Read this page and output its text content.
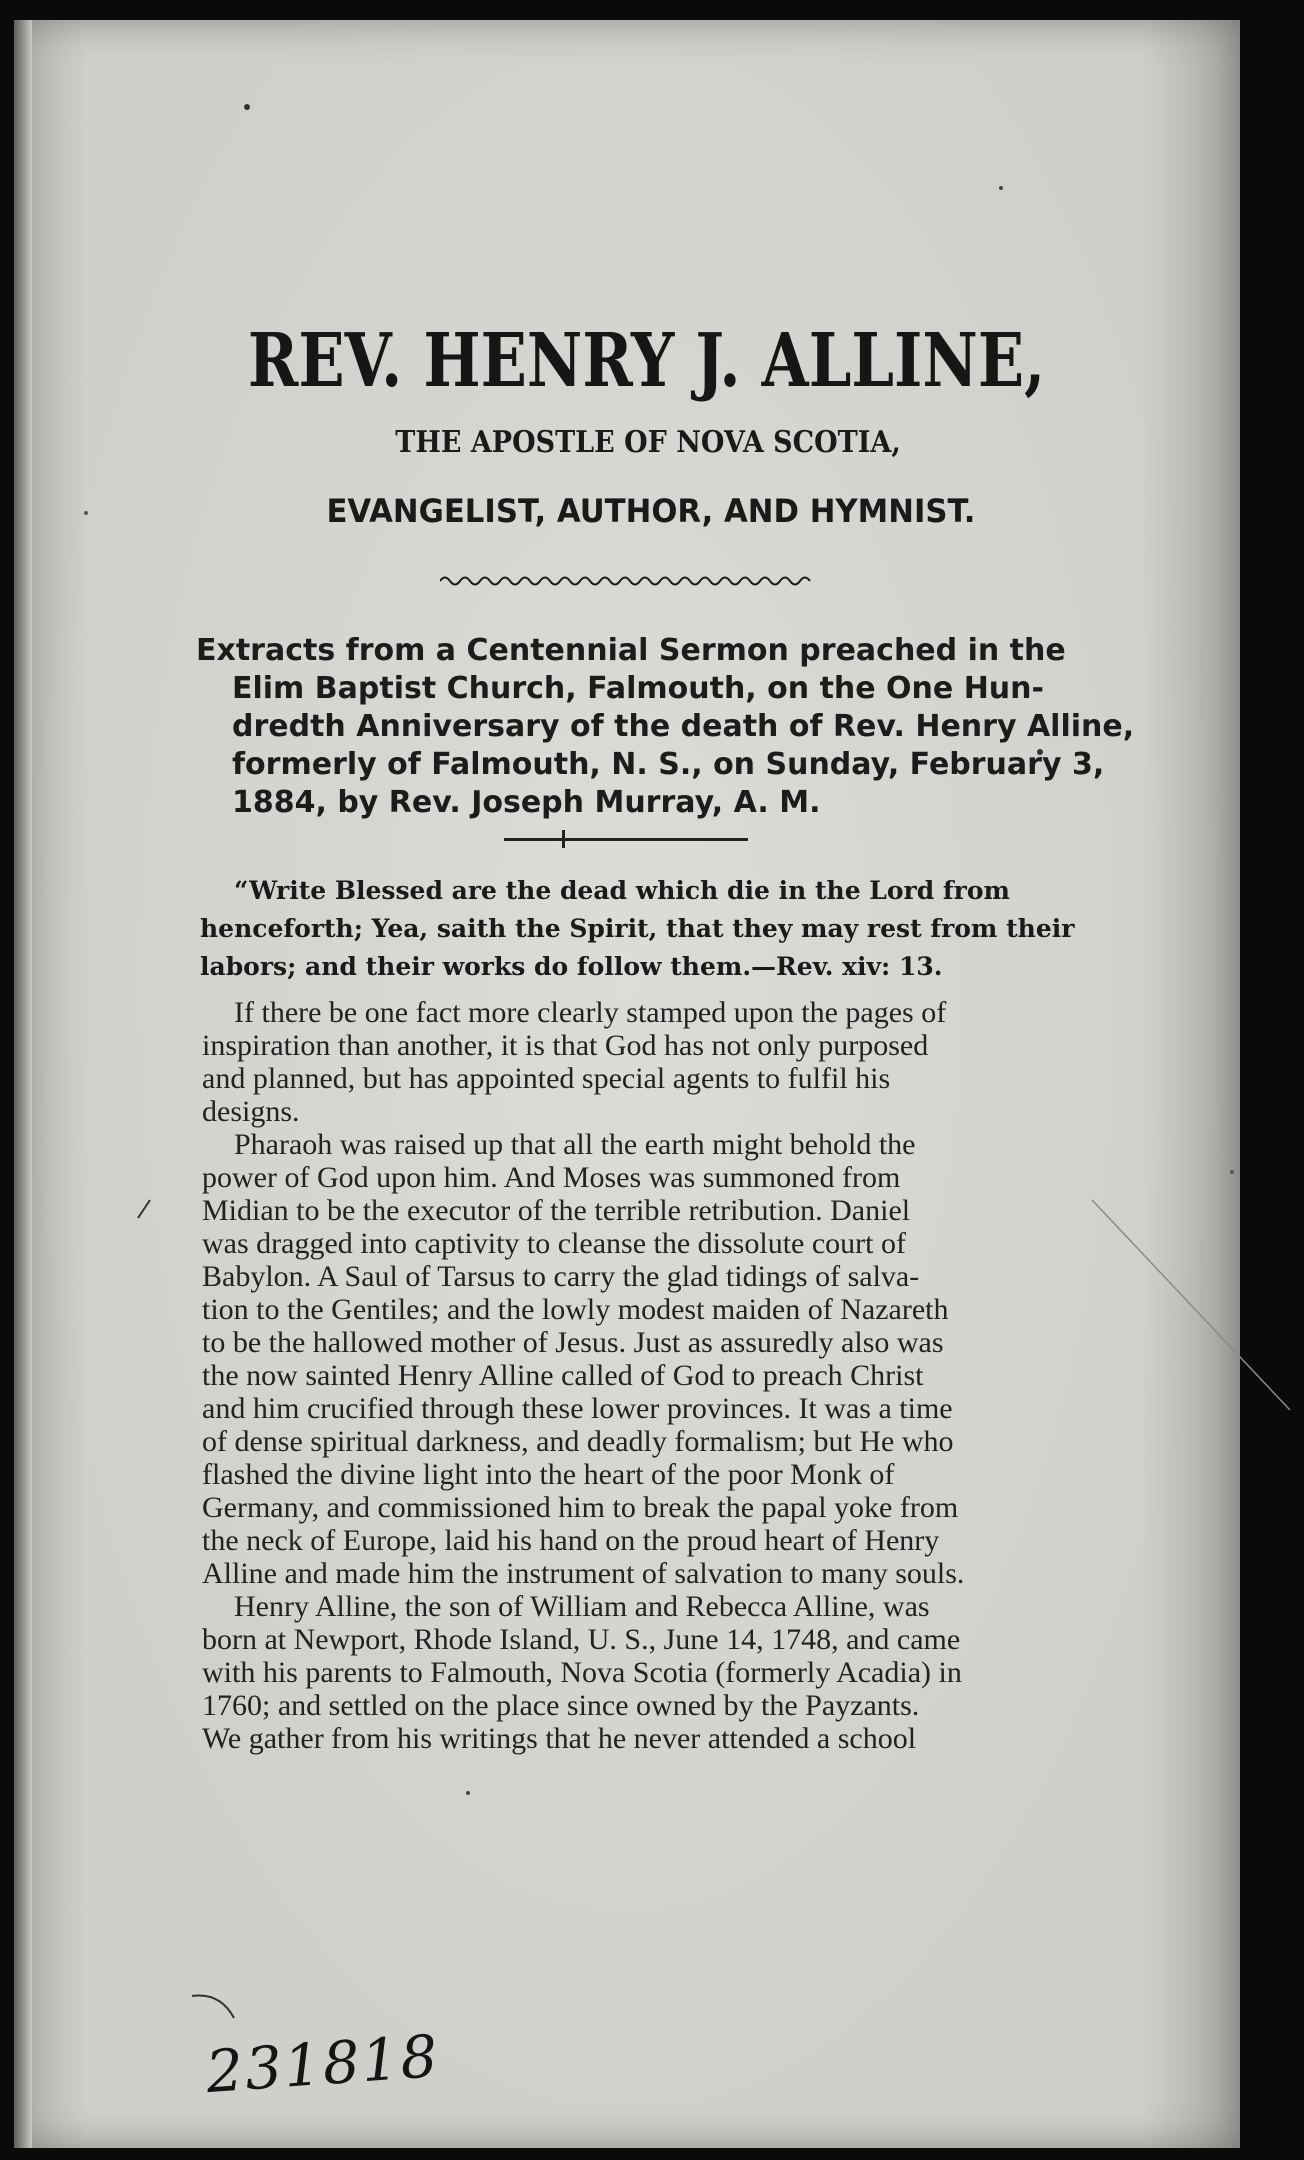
REV. HENRY J. ALLINE,
THE APOSTLE OF NOVA SCOTIA,
EVANGELIST, AUTHOR, AND HYMNIST.
Extracts from a Centennial Sermon preached in the
Elim Baptist Church, Falmouth, on the One Hun-
dredth Anniversary of the death of Rev. Henry Alline,
formerly of Falmouth, N. S., on Sunday, February 3,
1884, by Rev. Joseph Murray, A. M.
“Write Blessed are the dead which die in the Lord from
henceforth; Yea, saith the Spirit, that they may rest from their
labors; and their works do follow them.—Rev. xiv: 13.
If there be one fact more clearly stamped upon the pages of
inspiration than another, it is that God has not only purposed
and planned, but has appointed special agents to fulfil his
designs.
Pharaoh was raised up that all the earth might behold the
power of God upon him. And Moses was summoned from
Midian to be the executor of the terrible retribution. Daniel
was dragged into captivity to cleanse the dissolute court of
Babylon. A Saul of Tarsus to carry the glad tidings of salva-
tion to the Gentiles; and the lowly modest maiden of Nazareth
to be the hallowed mother of Jesus. Just as assuredly also was
the now sainted Henry Alline called of God to preach Christ
and him crucified through these lower provinces. It was a time
of dense spiritual darkness, and deadly formalism; but He who
flashed the divine light into the heart of the poor Monk of
Germany, and commissioned him to break the papal yoke from
the neck of Europe, laid his hand on the proud heart of Henry
Alline and made him the instrument of salvation to many souls.
Henry Alline, the son of William and Rebecca Alline, was
born at Newport, Rhode Island, U. S., June 14, 1748, and came
with his parents to Falmouth, Nova Scotia (formerly Acadia) in
1760; and settled on the place since owned by the Payzants.
We gather from his writings that he never attended a school
231818
